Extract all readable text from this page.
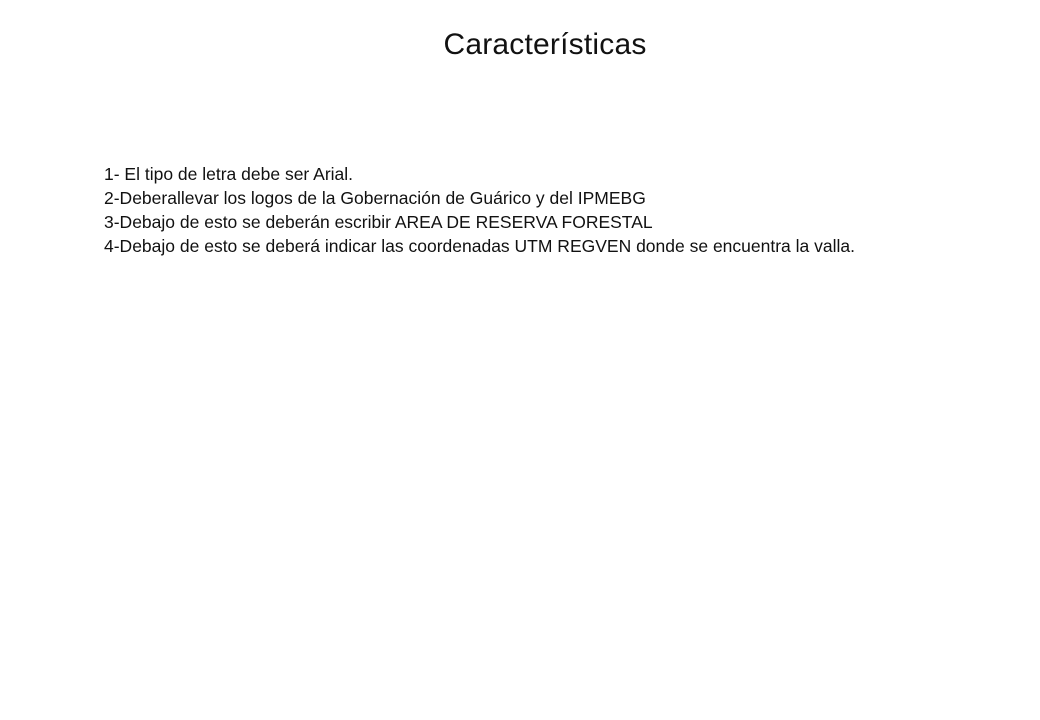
Características
1- El tipo de letra debe ser Arial.
2-Deberallevar los logos de la Gobernación de Guárico y del IPMEBG
3-Debajo de esto se deberán escribir AREA DE RESERVA FORESTAL
4-Debajo de esto se deberá indicar las coordenadas UTM REGVEN donde se encuentra la valla.
